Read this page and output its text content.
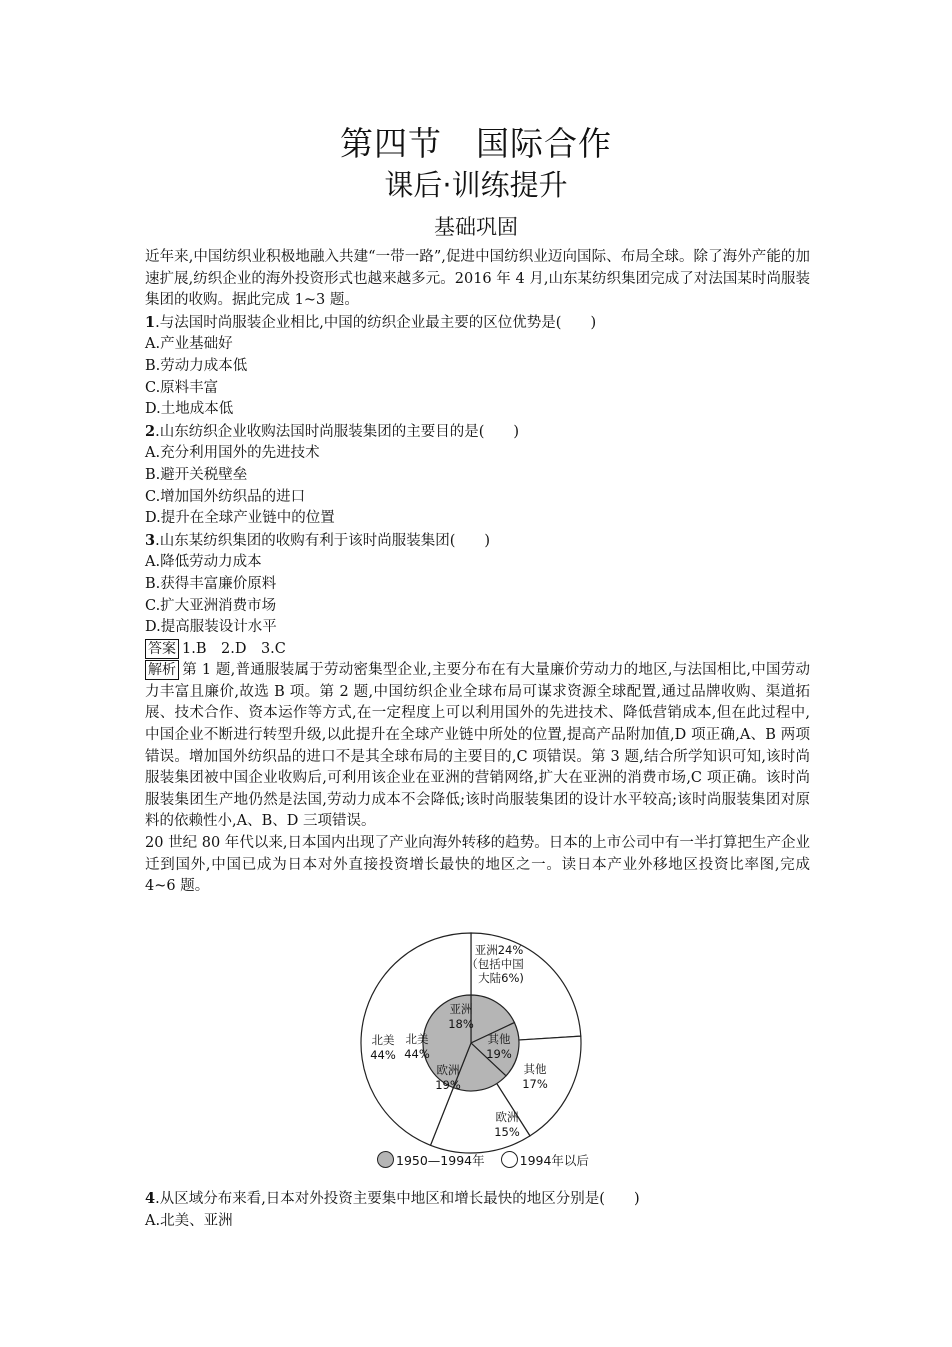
第四节　国际合作
课后·训练提升
基础巩固

近年来,中国纺织业积极地融入共建“一带一路”,促进中国纺织业迈向国际、布局全球。除了海外产能的加速扩展,纺织企业的海外投资形式也越来越多元。2016 年 4 月,山东某纺织集团完成了对法国某时尚服装集团的收购。据此完成 1~3 题。

1.与法国时尚服装企业相比,中国的纺织企业最主要的区位优势是(　　)

A.产业基础好

B.劳动力成本低

C.原料丰富

D.土地成本低

2.山东纺织企业收购法国时尚服装集团的主要目的是(　　)

A.充分利用国外的先进技术

B.避开关税壁垒

C.增加国外纺织品的进口

D.提升在全球产业链中的位置

3.山东某纺织集团的收购有利于该时尚服装集团(　　)

A.降低劳动力成本

B.获得丰富廉价原料

C.扩大亚洲消费市场

D.提高服装设计水平

答案 1.B　2.D　3.C

解析 第 1 题,普通服装属于劳动密集型企业,主要分布在有大量廉价劳动力的地区,与法国相比,中国劳动力丰富且廉价,故选 B 项。第 2 题,中国纺织企业全球布局可谋求资源全球配置,通过品牌收购、渠道拓展、技术合作、资本运作等方式,在一定程度上可以利用国外的先进技术、降低营销成本,但在此过程中,中国企业不断进行转型升级,以此提升在全球产业链中所处的位置,提高产品附加值,D 项正确,A、B 两项错误。增加国外纺织品的进口不是其全球布局的主要目的,C 项错误。第 3 题,结合所学知识可知,该时尚服装集团被中国企业收购后,可利用该企业在亚洲的营销网络,扩大在亚洲的消费市场,C 项正确。该时尚服装集团生产地仍然是法国,劳动力成本不会降低;该时尚服装集团的设计水平较高;该时尚服装集团对原料的依赖性小,A、B、D 三项错误。

20 世纪 80 年代以来,日本国内出现了产业向海外转移的趋势。日本的上市公司中有一半打算把生产企业迁到国外,中国已成为日本对外直接投资增长最快的地区之一。读日本产业外移地区投资比率图,完成 4~6 题。

亚洲24%
（包括中国
大陆6%)
其他
17%
欧洲
15%
北美
44%
亚洲
18%
其他
19%
欧洲
19%
北美
44%
1950—1994年	1994年以后

4.从区域分布来看,日本对外投资主要集中地区和增长最快的地区分别是(　　)

A.北美、亚洲
